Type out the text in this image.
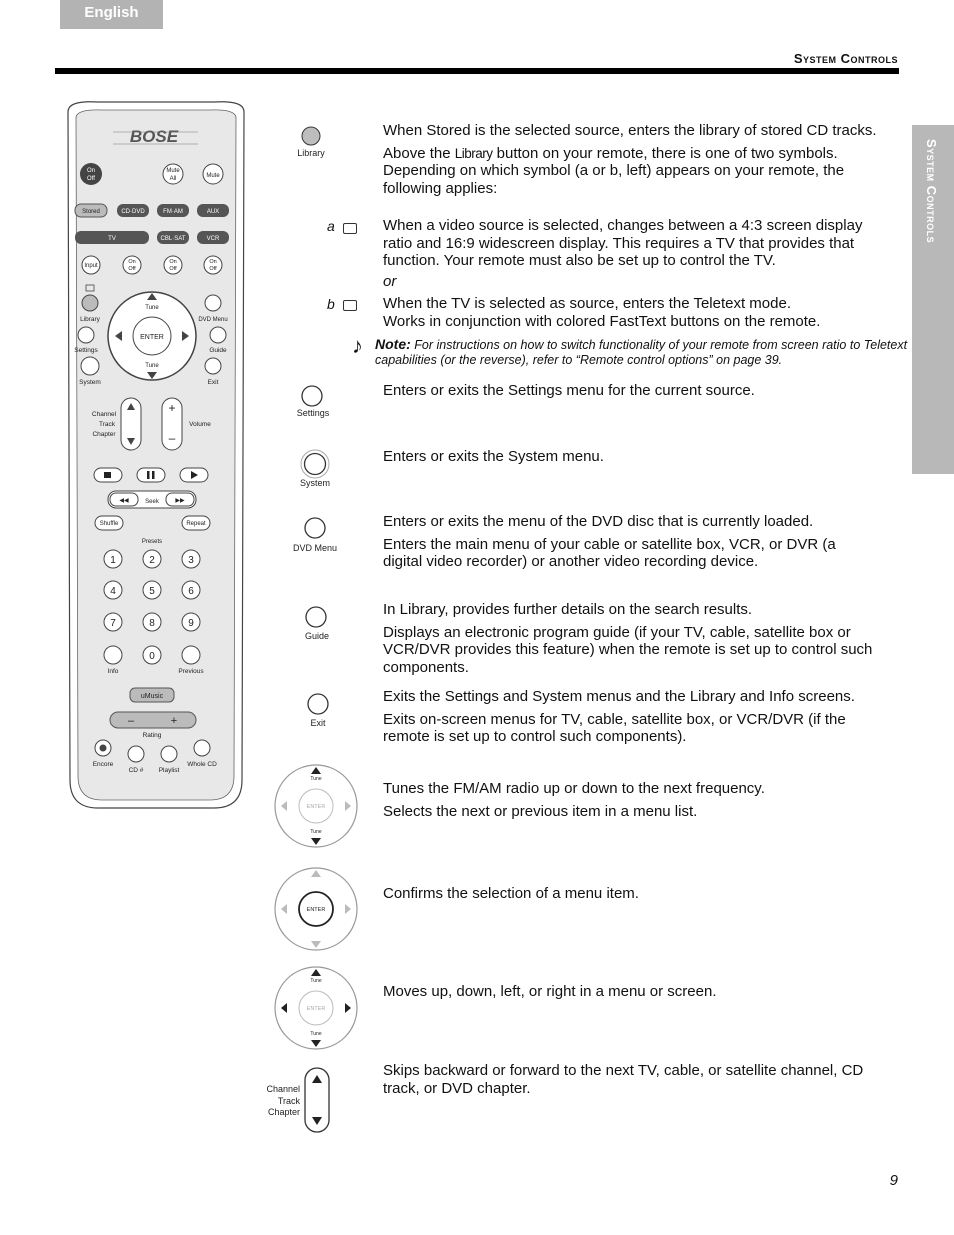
English
System Controls
System Controls
BOSE
On
Off
Mute
All	Mute
Stored	CD·DVD	FM·AM	AUX
TV	CBL·SAT	VCR
Input
On
Off
On
Off
On
Off
Library	DVD Menu
Settings	Guide
System	Exit
ENTER
Tune
Tune
Channel
Track
Chapter
+
–
Volume
◀◀	▶▶
Seek
Shuffle	Repeat
Presets
1	2	3
4	5	6
7	8	9
0
Info	Previous
uMusic
–	+
Rating
Encore
CD # Playlist
Whole CD
Library

When Stored is the selected source, enters the library of stored CD tracks.

Above the Library button on your remote, there is one of two symbols. Depending on which symbol (a or b, left) appears on your remote, the following applies:

a	When a video source is selected, changes between a 4:3 screen display ratio and 16:9 widescreen display. This requires a TV that provides that function. Your remote must also be set up to control the TV.
or
b	When the TV is selected as source, enters the Teletext mode.
Works in conjunction with colored FastText buttons on the remote.
♪ Note: For instructions on how to switch functionality of your remote from screen ratio to Teletext capabilities (or the reverse), refer to “Remote control options” on page 39.
Settings
Enters or exits the Settings menu for the current source.
System
Enters or exits the System menu.
DVD Menu

Enters or exits the menu of the DVD disc that is currently loaded.

Enters the main menu of your cable or satellite box, VCR, or DVR (a digital video recorder) or another video recording device.

Guide

In Library, provides further details on the search results.

Displays an electronic program guide (if your TV, cable, satellite box or VCR/DVR provides this feature) when the remote is set up to control such components.

Exit

Exits the Settings and System menus and the Library and Info screens.

Exits on-screen menus for TV, cable, satellite box, or VCR/DVR (if the remote is set up to control such components).

ENTER
Tune
Tune

Tunes the FM/AM radio up or down to the next frequency.

Selects the next or previous item in a menu list.

ENTER
Confirms the selection of a menu item.
ENTER
Tune
Tune
Moves up, down, left, or right in a menu or screen.
Channel
Track
Chapter
Skips backward or forward to the next TV, cable, or satellite channel, CD track, or DVD chapter.
9
